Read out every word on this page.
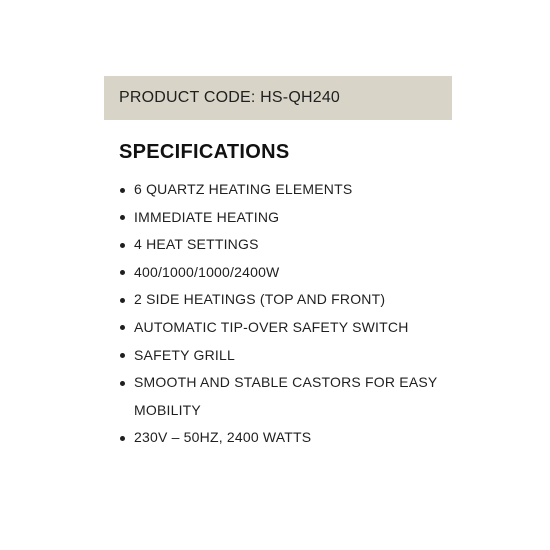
PRODUCT CODE: HS-QH240
SPECIFICATIONS
6 QUARTZ HEATING ELEMENTS
IMMEDIATE HEATING
4 HEAT SETTINGS
400/1000/1000/2400W
2 SIDE HEATINGS (TOP AND FRONT)
AUTOMATIC TIP-OVER SAFETY SWITCH
SAFETY GRILL
SMOOTH AND STABLE CASTORS FOR EASY MOBILITY
230V – 50HZ, 2400 WATTS
